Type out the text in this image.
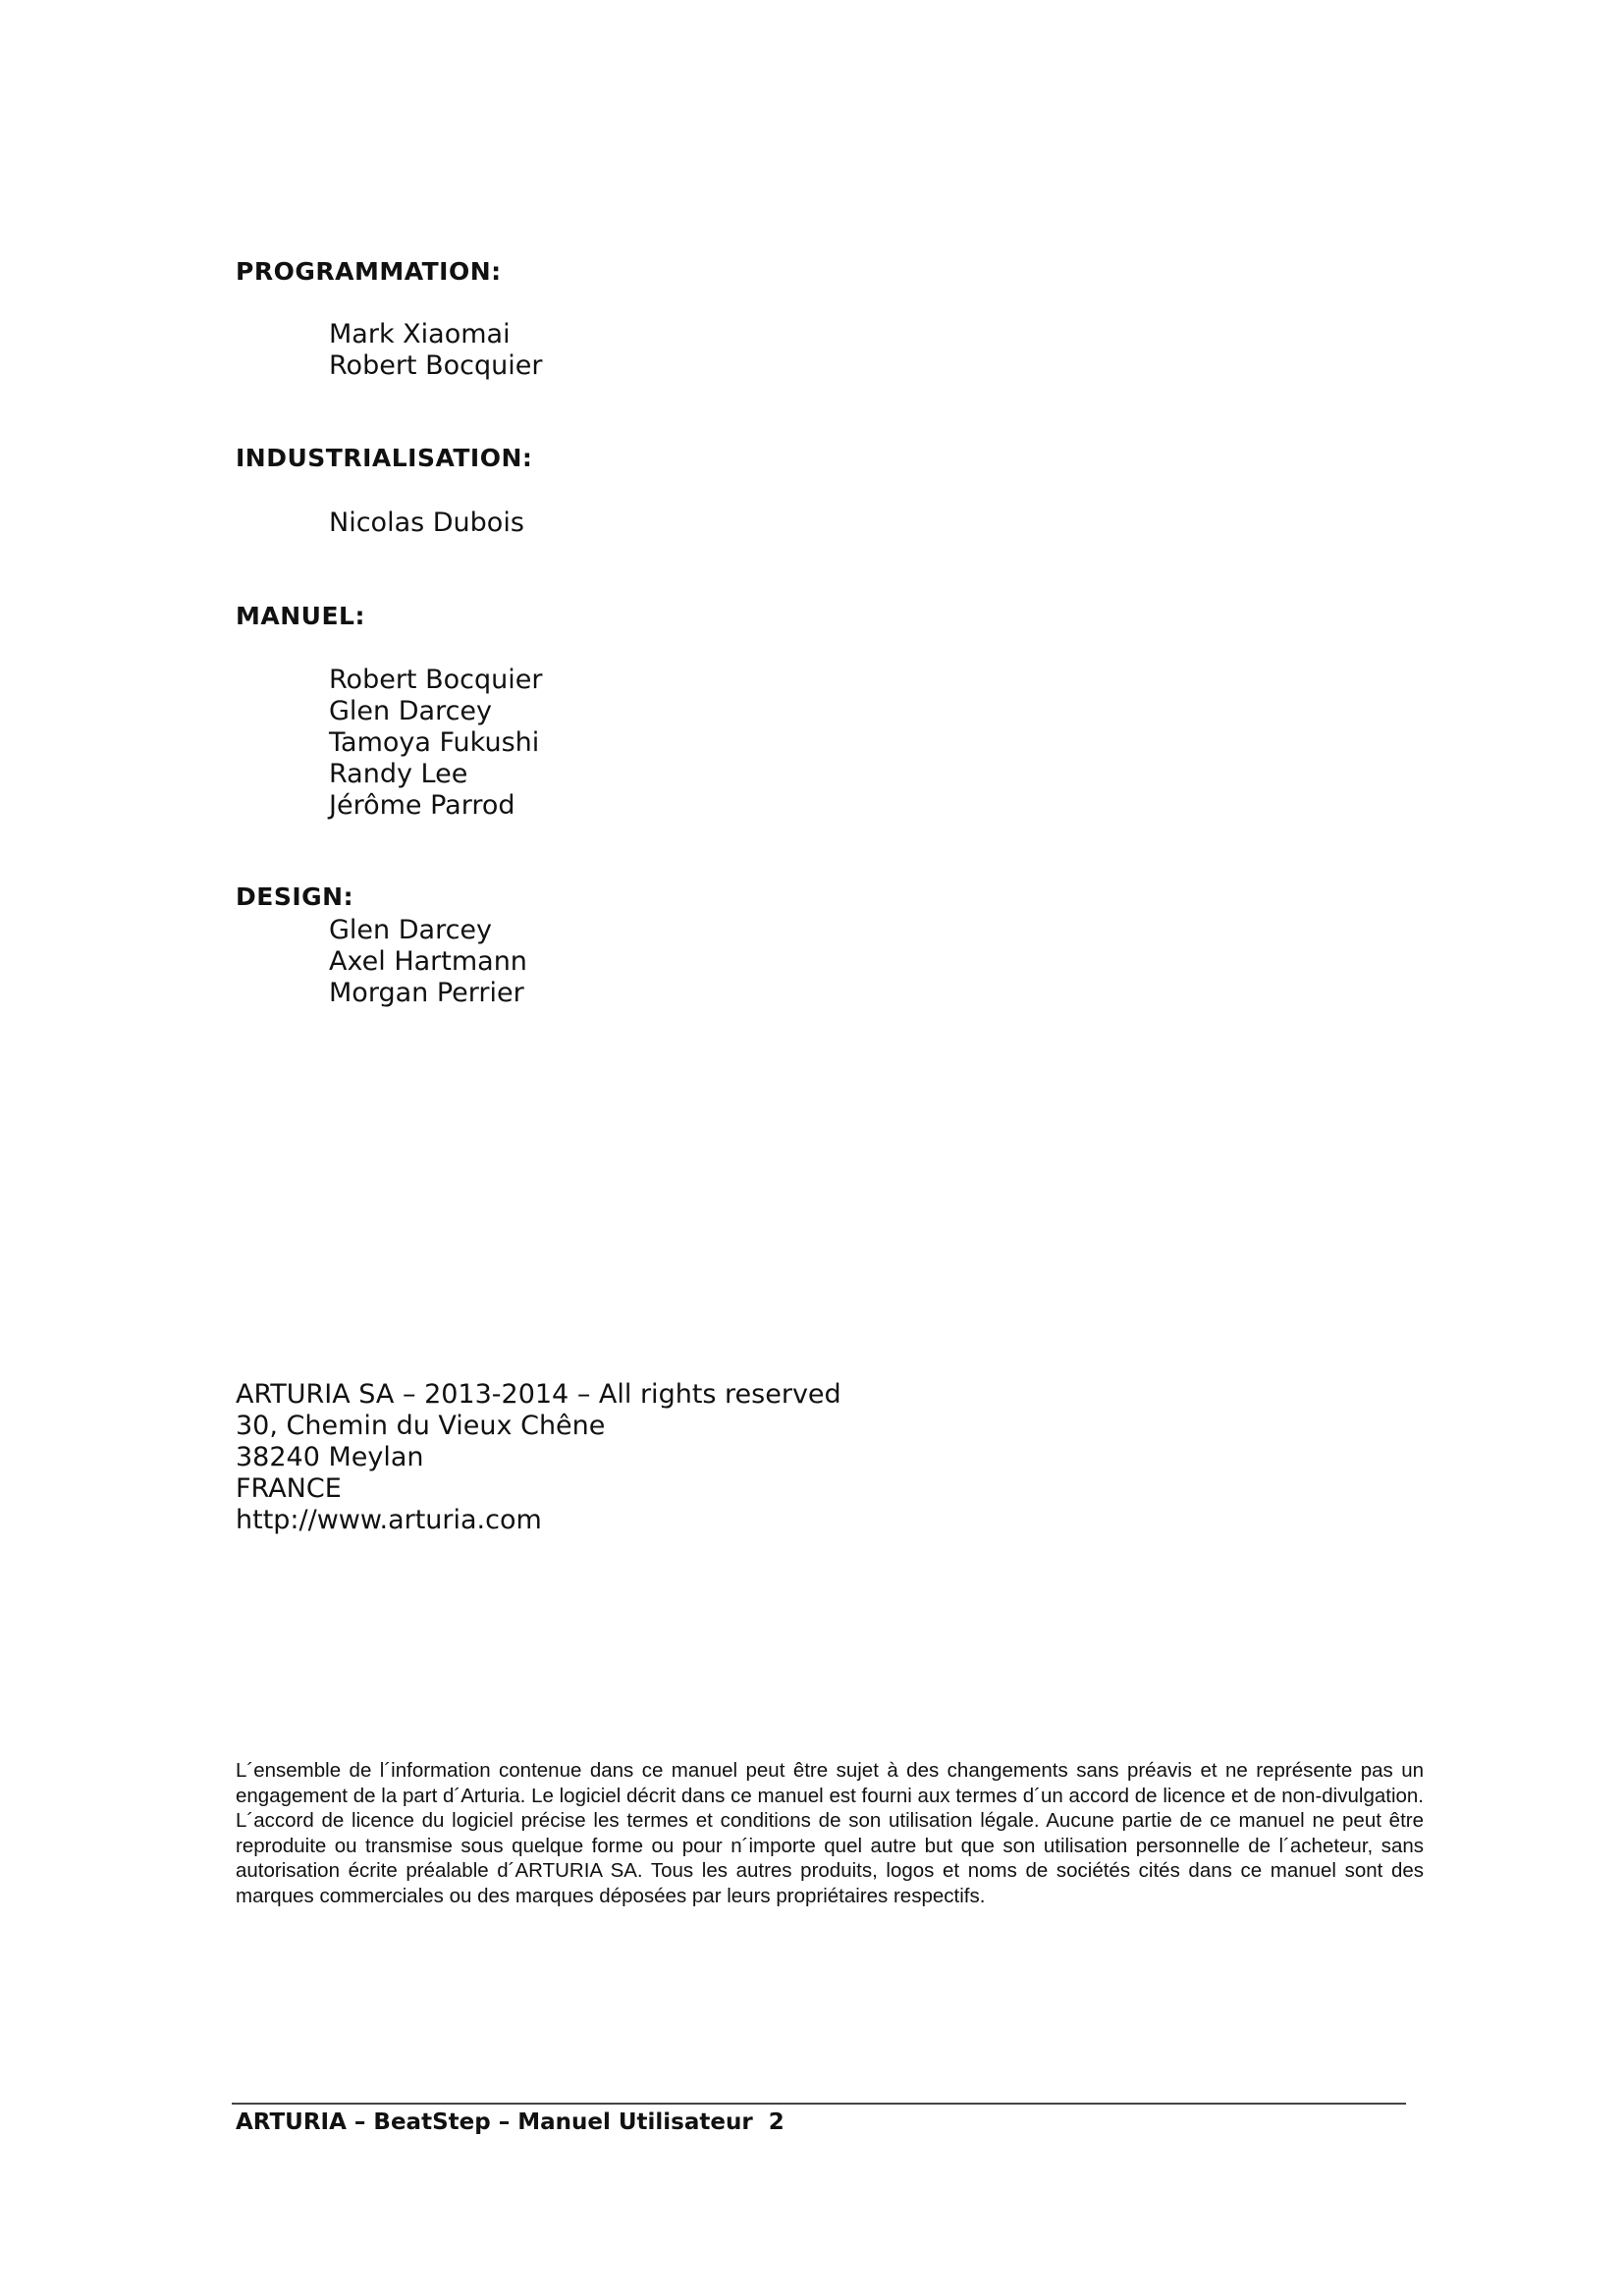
PROGRAMMATION:
Mark Xiaomai
Robert Bocquier
INDUSTRIALISATION:
Nicolas Dubois
MANUEL:
Robert Bocquier
Glen Darcey
Tamoya Fukushi
Randy Lee
Jérôme Parrod
DESIGN:
Glen Darcey
Axel Hartmann
Morgan Perrier
ARTURIA SA – 2013-2014 – All rights reserved
30, Chemin du Vieux Chêne
38240 Meylan
FRANCE
http://www.arturia.com

L´ensemble de l´information contenue dans ce manuel peut être sujet à des changements sans préavis et ne représente pas un engagement de la part d´Arturia. Le logiciel décrit dans ce manuel est fourni aux termes d´un accord de licence et de non-divulgation. L´accord de licence du logiciel précise les termes et conditions de son utilisation légale. Aucune partie de ce manuel ne peut être reproduite ou transmise sous quelque forme ou pour n´importe quel autre but que son utilisation personnelle de l´acheteur, sans autorisation écrite préalable d´ARTURIA SA. Tous les autres produits, logos et noms de sociétés cités dans ce manuel sont des marques commerciales ou des marques déposées par leurs propriétaires respectifs.

ARTURIA – BeatStep – Manuel Utilisateur 2
